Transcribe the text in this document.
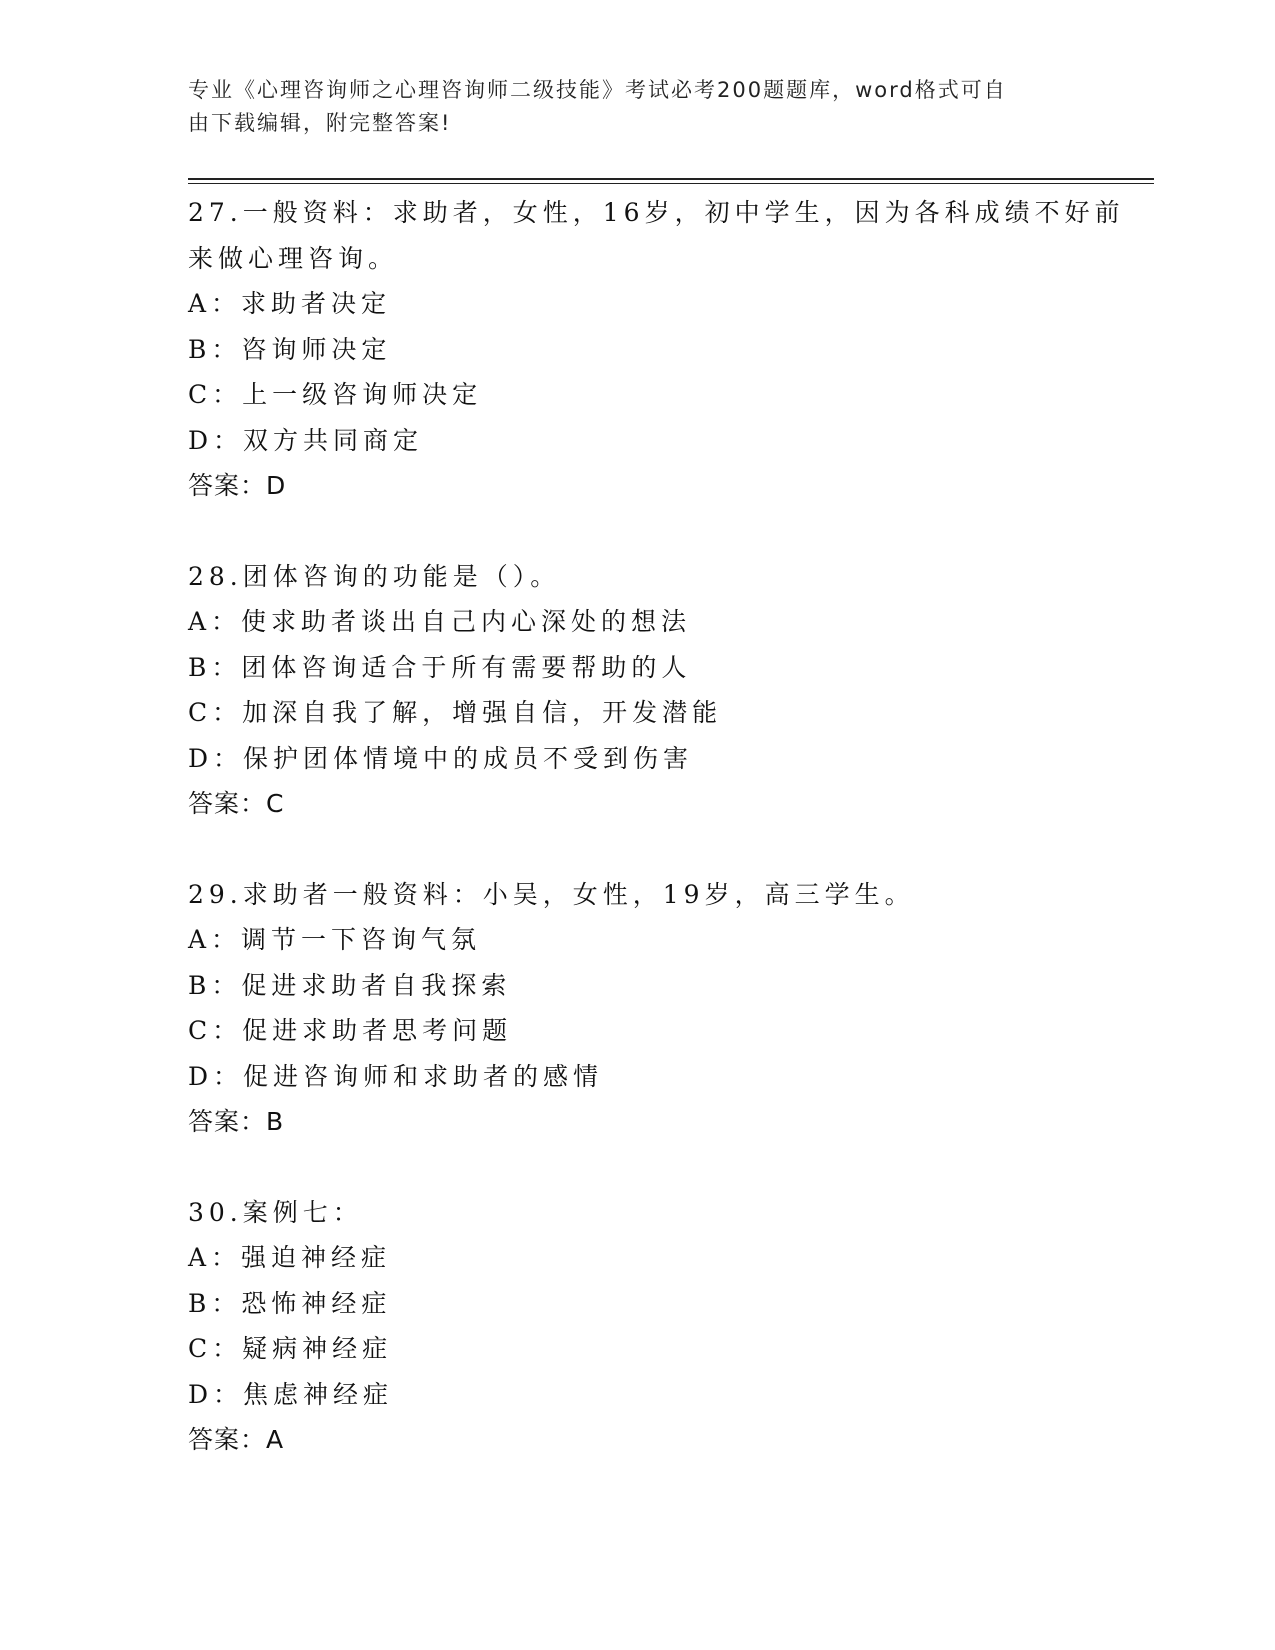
专业《心理咨询师之心理咨询师二级技能》考试必考200题题库，word格式可自
由下载编辑，附完整答案!
27.一般资料：求助者，女性，16岁，初中学生，因为各科成绩不好前
来做心理咨询。
A：求助者决定
B：咨询师决定
C：上一级咨询师决定
D：双方共同商定
答案：D
28.团体咨询的功能是（）。
A：使求助者谈出自己内心深处的想法
B：团体咨询适合于所有需要帮助的人
C：加深自我了解，增强自信，开发潜能
D：保护团体情境中的成员不受到伤害
答案：C
29.求助者一般资料：小吴，女性，19岁，高三学生。
A：调节一下咨询气氛
B：促进求助者自我探索
C：促进求助者思考问题
D：促进咨询师和求助者的感情
答案：B
30.案例七：
A：强迫神经症
B：恐怖神经症
C：疑病神经症
D：焦虑神经症
答案：A
